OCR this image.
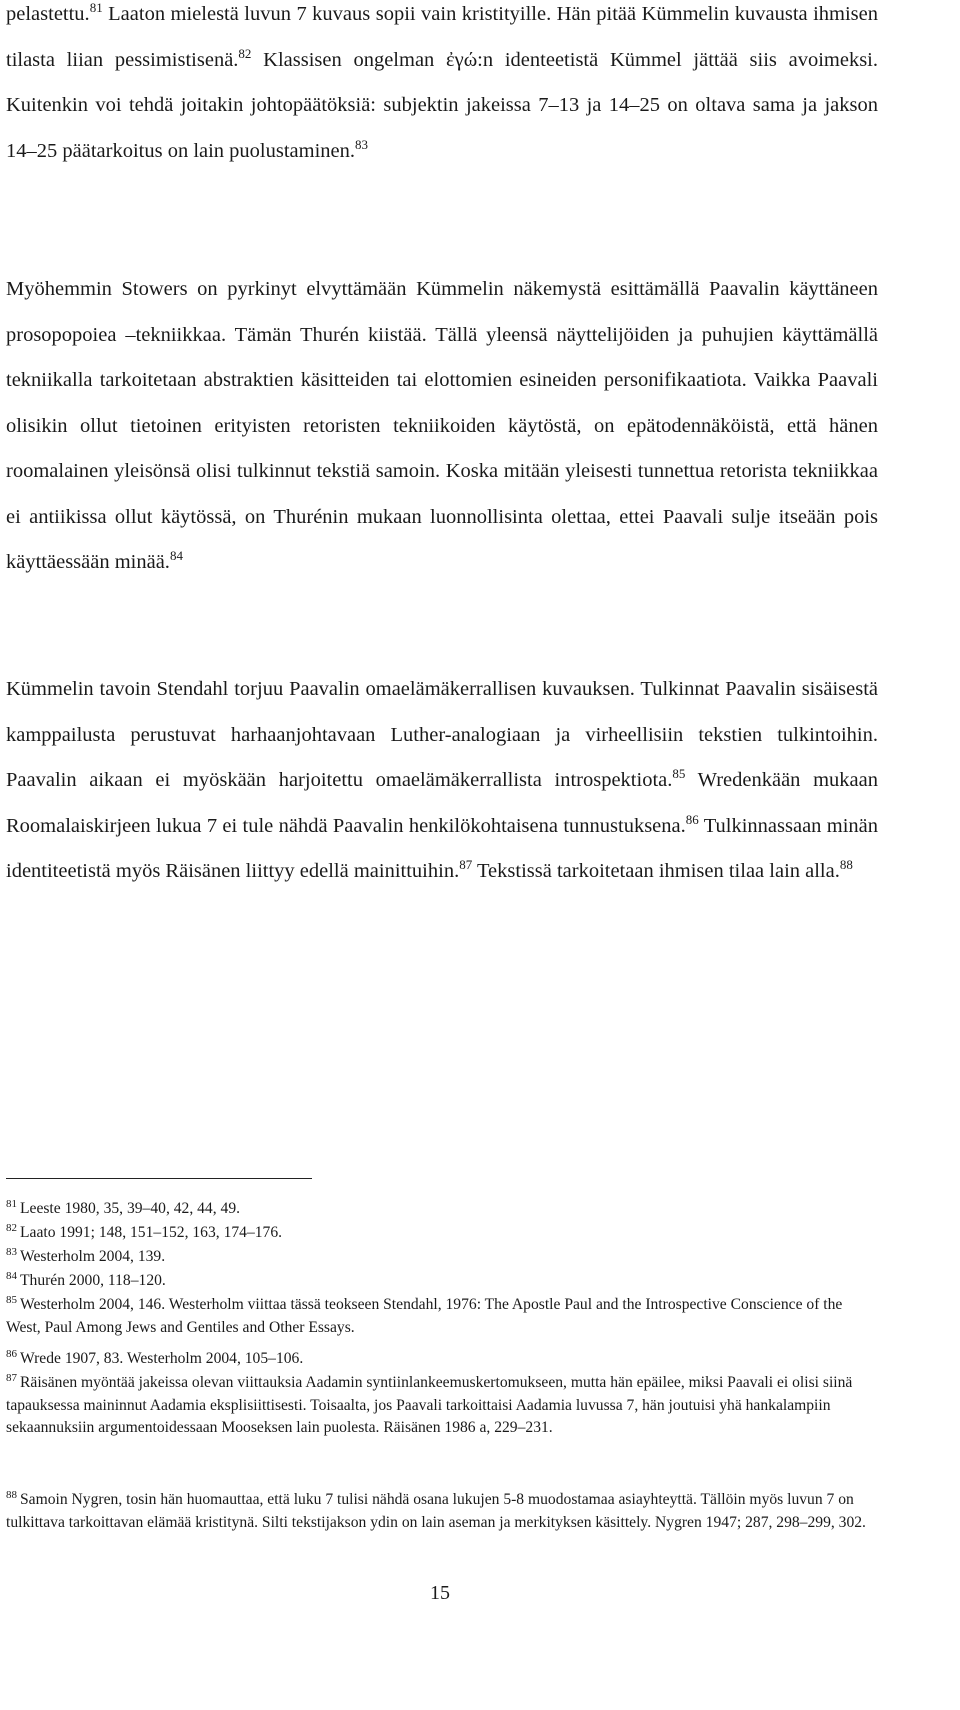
pelastettu.$^{81}$ Laaton mielestä luvun 7 kuvaus sopii vain kristityille. Hän pitää Kümmelin kuvausta ihmisen tilasta liian pessimistisenä.$^{82}$ Klassisen ongelman ἐγώ:n identeetistä Kümmel jättää siis avoimeksi. Kuitenkin voi tehdä joitakin johtopäätöksiä: subjektin jakeissa 7–13 ja 14–25 on oltava sama ja jakson 14–25 päätarkoitus on lain puolustaminen.$^{83}$

Myöhemmin Stowers on pyrkinyt elvyttämään Kümmelin näkemystä esittämällä Paavalin käyttäneen prosopopoiea –tekniikkaa. Tämän Thurén kiistää. Tällä yleensä näyttelijöiden ja puhujien käyttämällä tekniikalla tarkoitetaan abstraktien käsitteiden tai elottomien esineiden personifikaatiota. Vaikka Paavali olisikin ollut tietoinen erityisten retoristen tekniikoiden käytöstä, on epätodennäköistä, että hänen roomalainen yleisönsä olisi tulkinnut tekstiä samoin. Koska mitään yleisesti tunnettua retorista tekniikkaa ei antiikissa ollut käytössä, on Thurénin mukaan luonnollisinta olettaa, ettei Paavali sulje itseään pois käyttäessään minää.$^{84}$

Kümmelin tavoin Stendahl torjuu Paavalin omaelämäkerrallisen kuvauksen. Tulkinnat Paavalin sisäisestä kamppailusta perustuvat harhaanjohtavaan Luther-analogiaan ja virheellisiin tekstien tulkintoihin. Paavalin aikaan ei myöskään harjoitettu omaelämäkerrallista introspektiota.$^{85}$ Wredenkään mukaan Roomalaiskirjeen lukua 7 ei tule nähdä Paavalin henkilökohtaisena tunnustuksena.$^{86}$ Tulkinnassaan minän identiteetistä myös Räisänen liittyy edellä mainittuihin.$^{87}$ Tekstissä tarkoitetaan ihmisen tilaa lain alla.$^{88}$

$^{81}$ Leeste 1980, 35, 39–40, 42, 44, 49.

$^{82}$ Laato 1991; 148, 151–152, 163, 174–176.

$^{83}$ Westerholm 2004, 139.

$^{84}$ Thurén 2000, 118–120.

$^{85}$ Westerholm 2004, 146. Westerholm viittaa tässä teokseen Stendahl, 1976: The Apostle Paul and the Introspective Conscience of the West, Paul Among Jews and Gentiles and Other Essays.

$^{86}$ Wrede 1907, 83. Westerholm 2004, 105–106.

$^{87}$ Räisänen myöntää jakeissa olevan viittauksia Aadamin syntiinlankeemuskertomukseen, mutta hän epäilee, miksi Paavali ei olisi siinä tapauksessa maininnut Aadamia eksplisiittisesti. Toisaalta, jos Paavali tarkoittaisi Aadamia luvussa 7, hän joutuisi yhä hankalampiin sekaannuksiin argumentoidessaan Mooseksen lain puolesta. Räisänen 1986 a, 229–231.

$^{88}$ Samoin Nygren, tosin hän huomauttaa, että luku 7 tulisi nähdä osana lukujen 5-8 muodostamaa asiayhteyttä. Tällöin myös luvun 7 on tulkittava tarkoittavan elämää kristitynä. Silti tekstijakson ydin on lain aseman ja merkityksen käsittely. Nygren 1947; 287, 298–299, 302.

15
